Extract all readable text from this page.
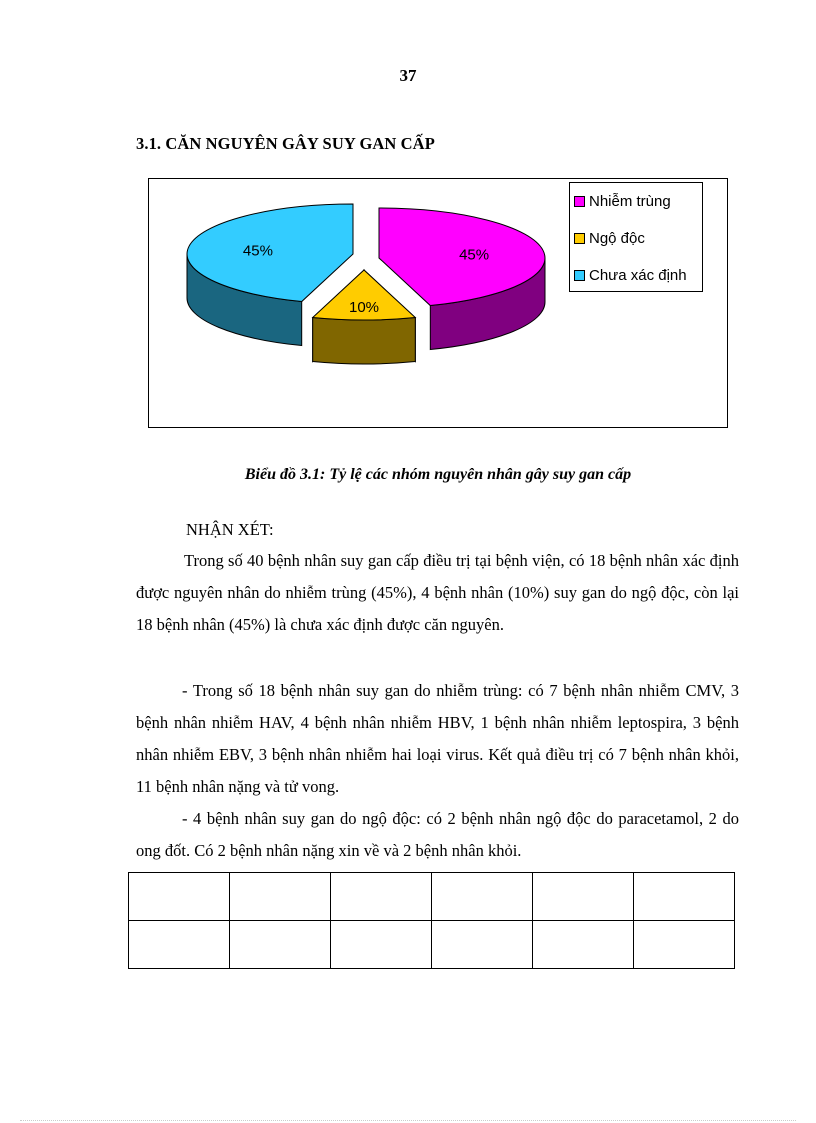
37
3.1. CĂN NGUYÊN GÂY SUY GAN CẤP
45%
10%
45%
Nhiễm trùng
Ngộ độc
Chưa xác định
Biểu đồ 3.1: Tỷ lệ các nhóm nguyên nhân gây suy gan cấp
NHẬN XÉT:
Trong số 40 bệnh nhân suy gan cấp điều trị tại bệnh viện, có 18 bệnh nhân xác định được nguyên nhân do nhiễm trùng (45%), 4 bệnh nhân (10%) suy gan do ngộ độc, còn lại 18 bệnh nhân (45%) là chưa xác định được căn nguyên.
- Trong số 18 bệnh nhân suy gan do nhiễm trùng: có 7 bệnh nhân nhiễm CMV, 3 bệnh nhân nhiễm HAV, 4 bệnh nhân nhiễm HBV, 1 bệnh nhân nhiễm leptospira, 3 bệnh nhân nhiễm EBV, 3 bệnh nhân nhiễm hai loại virus. Kết quả điều trị có 7 bệnh nhân khỏi, 11 bệnh nhân nặng và tử vong.
- 4 bệnh nhân suy gan do ngộ độc: có 2 bệnh nhân ngộ độc do paracetamol, 2 do ong đốt. Có 2 bệnh nhân nặng xin về và 2 bệnh nhân khỏi.
